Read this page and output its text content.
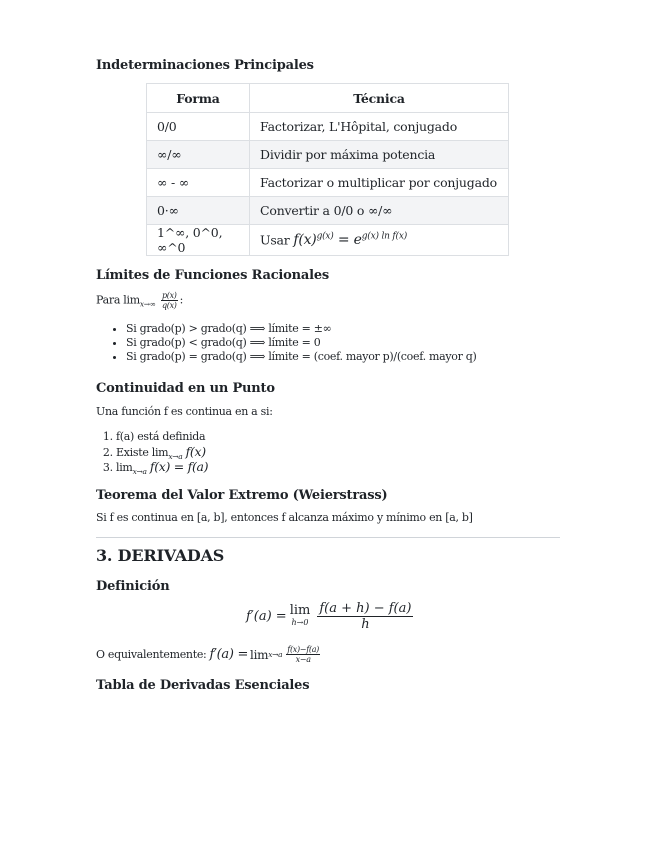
Indeterminaciones Principales
Forma	Técnica
0/0	Factorizar, L'Hôpital, conjugado
∞/∞	Dividir por máxima potencia
∞ - ∞	Factorizar o multiplicar por conjugado
0·∞	Convertir a 0/0 o ∞/∞
1^∞, 0^0, ∞^0	Usar $f(x)^{g(x)} = e^{g(x) ln f(x)}$
Límites de Funciones Racionales
Para $\lim_{x\to\infty} \frac{p(x)}{q(x)}$ :
• Si grado(p) > grado(q) ⟹ límite = ±∞
• Si grado(p) < grado(q) ⟹ límite = 0
• Si grado(p) = grado(q) ⟹ límite = (coef. mayor p)/(coef. mayor q)
Continuidad en un Punto
Una función f es continua en a si:
1. f(a) está definida
2. Existe $\lim_{x\to a} f(x)$
3. $\lim_{x\to a} f(x) = f(a)$
Teorema del Valor Extremo (Weierstrass)
Si f es continua en [a, b], entonces f alcanza máximo y mínimo en [a, b]
3. DERIVADAS
Definición
f′(a) = lim
$h\to 0 \frac{f(a + h) - f(a)}{h}$
O equivalentemente: $f'(a) = \lim x\to a \frac{f(x)-f(a)}{x-a}$
Tabla de Derivadas Esenciales
